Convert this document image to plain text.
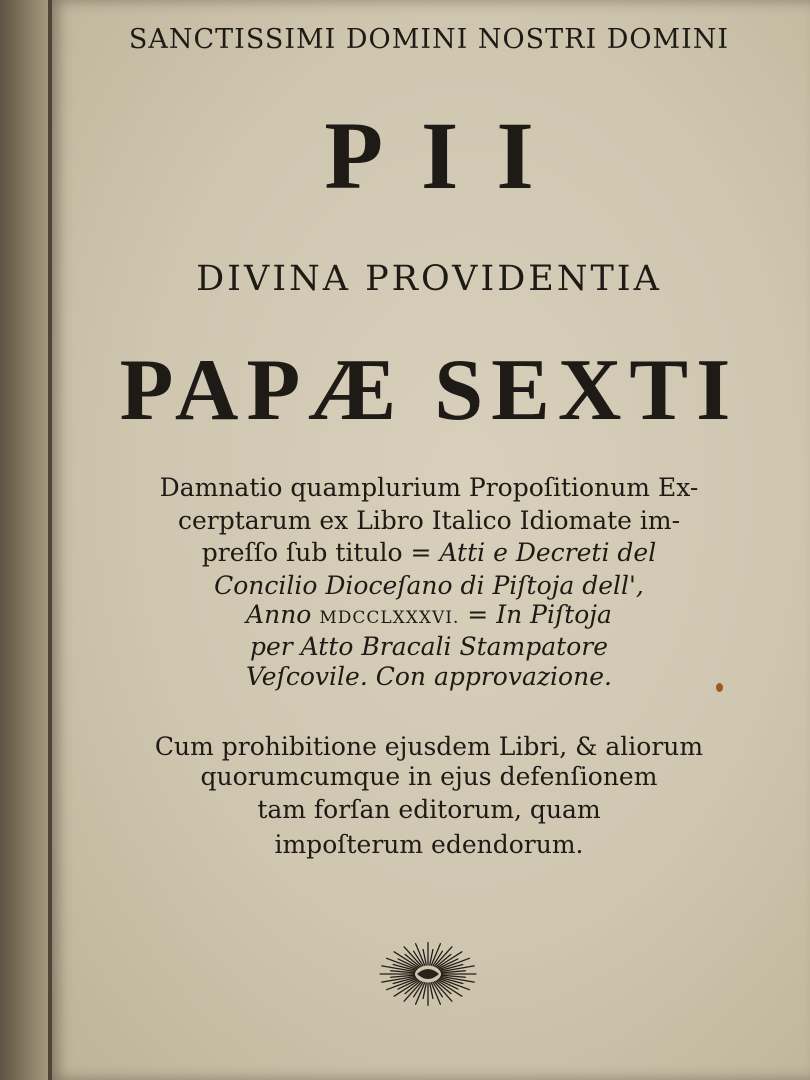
SANCTISSIMI DOMINI NOSTRI DOMINI
PII
DIVINA PROVIDENTIA
PAPÆ SEXTI
Damnatio quamplurium Propoſitionum Ex-
cerptarum ex Libro Italico Idiomate im-
preſſo ſub titulo = Atti e Decreti del
Concilio Dioceſano di Piſtoja dell',
Anno MDCCLXXXVI. = In Piſtoja
per Atto Bracali Stampatore
Veſcovile. Con approvazione.
Cum prohibitione ejusdem Libri, & aliorum
quorumcumque in ejus defenſionem
tam forſan editorum, quam
impoſterum edendorum.
